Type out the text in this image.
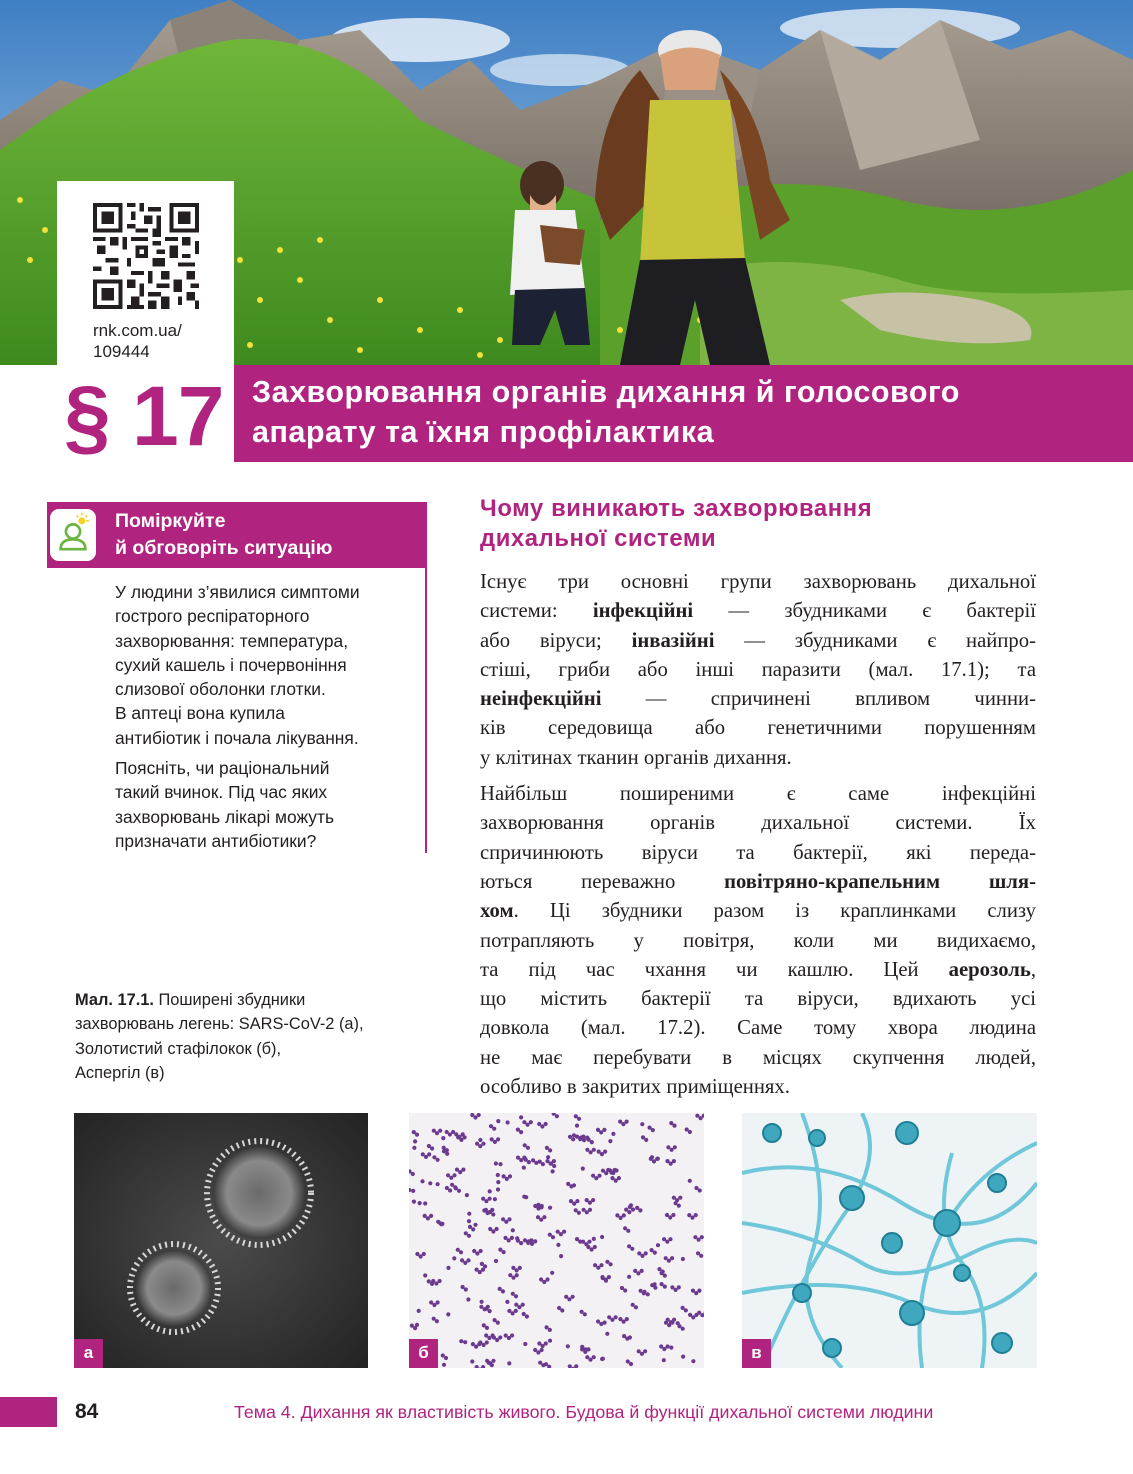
rnk.com.ua/
109444
§ 17 Захворювання органів дихання й голосового
апарату та їхня профілактика
Поміркуйте
й обговоріть ситуацію

У людини з’явилися симптоми
гострого респіраторного
захворювання: температура,
сухий кашель і почервоніння
слизової оболонки глотки.
В аптеці вона купила
антибіотик і почала лікування.

Поясніть, чи раціональний
такий вчинок. Під час яких
захворювань лікарі можуть
призначати антибіотики?

Мал. 17.1. Поширені збудники
захворювань легень: SARS-CoV-2 (а),
Золотистий стафілокок (б),
Аспергіл (в)
Чому виникають захворювання
дихальної системи

Існує три основні групи захворювань дихальної
системи: інфекційні — збудниками є бактерії
або віруси; інвазійні — збудниками є найпро-
стіші, гриби або інші паразити (мал. 17.1); та
неінфекційні — спричинені впливом чинни-
ків середовища або генетичними порушенням
у клітинах тканин органів дихання.

Найбільш поширеними є саме інфекційні
захворювання органів дихальної системи. Їх
спричинюють віруси та бактерії, які переда-
ються переважно повітряно-крапельним шля-
хом. Ці збудники разом із краплинками слизу
потрапляють у повітря, коли ми видихаємо,
та під час чхання чи кашлю. Цей аерозоль,
що містить бактерії та віруси, вдихають усі
довкола (мал. 17.2). Саме тому хвора людина
не має перебувати в місцях скупчення людей,
особливо в закритих приміщеннях.

а	б	в
84	Тема 4. Дихання як властивість живого. Будова й функції дихальної системи людини
